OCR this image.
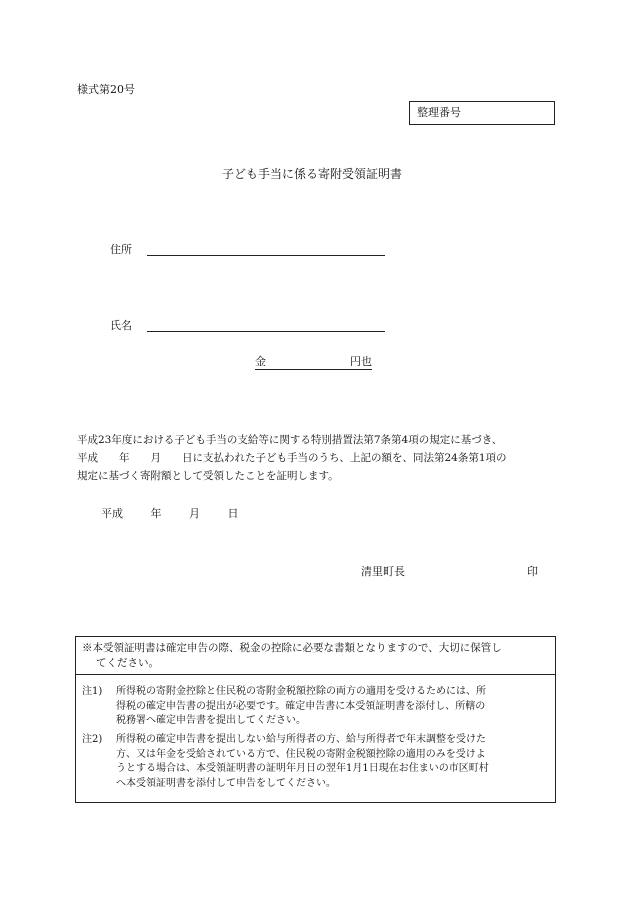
様式第20号
整理番号
子ども手当に係る寄附受領証明書
住所
氏名
金	円也
平成23年度における子ども手当の支給等に関する特別措置法第7条第4項の規定に基づき、
平成　　年　　月　　日に支払われた子ども手当のうち、上記の額を、同法第24条第1項の
規定に基づく寄附額として受領したことを証明します。
平成	年	月	日
清里町長	印
※本受領証明書は確定申告の際、税金の控除に必要な書類となりますので、大切に保管し
てください。
注1) 所得税の寄附金控除と住民税の寄附金税額控除の両方の適用を受けるためには、所
得税の確定申告書の提出が必要です。確定申告書に本受領証明書を添付し、所轄の
税務署へ確定申告書を提出してください。
注2) 所得税の確定申告書を提出しない給与所得者の方、給与所得者で年末調整を受けた
方、又は年金を受給されている方で、住民税の寄附金税額控除の適用のみを受けよ
うとする場合は、本受領証明書の証明年月日の翌年1月1日現在お住まいの市区町村
へ本受領証明書を添付して申告をしてください。
